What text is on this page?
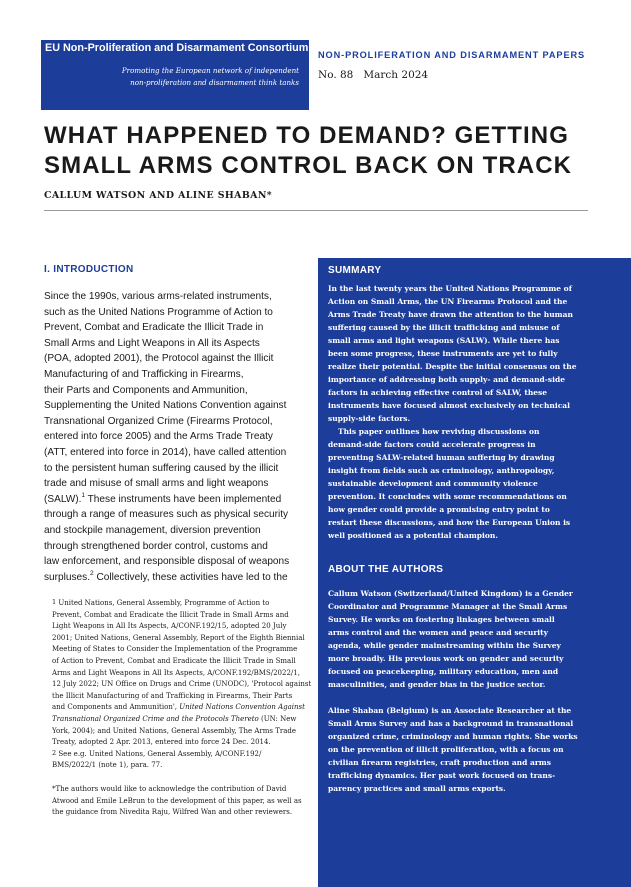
EU Non-Proliferation and Disarmament Consortium
Promoting the European network of independent
non-proliferation and disarmament think tanks
NON-PROLIFERATION AND DISARMAMENT PAPERS
No. 88 March 2024
WHAT HAPPENED TO DEMAND? GETTING
SMALL ARMS CONTROL BACK ON TRACK
CALLUM WATSON AND ALINE SHABAN*
I. INTRODUCTION
Since the 1990s, various arms-related instruments,
such as the United Nations Programme of Action to
Prevent, Combat and Eradicate the Illicit Trade in
Small Arms and Light Weapons in All its Aspects
(POA, adopted 2001), the Protocol against the Illicit
Manufacturing of and Trafficking in Firearms,
their Parts and Components and Ammunition,
Supplementing the United Nations Convention against
Transnational Organized Crime (Firearms Protocol,
entered into force 2005) and the Arms Trade Treaty
(ATT, entered into force in 2014), have called attention
to the persistent human suffering caused by the illicit
trade and misuse of small arms and light weapons
(SALW).$^1$ These instruments have been implemented
through a range of measures such as physical security
and stockpile management, diversion prevention
through strengthened border control, customs and
law enforcement, and responsible disposal of weapons
surpluses.$^2$ Collectively, these activities have led to the
$^1$ United Nations, General Assembly, Programme of Action to
Prevent, Combat and Eradicate the Illicit Trade in Small Arms and
Light Weapons in All Its Aspects, A/CONF.192/15, adopted 20 July
2001; United Nations, General Assembly, Report of the Eighth Biennial
Meeting of States to Consider the Implementation of the Programme
of Action to Prevent, Combat and Eradicate the Illicit Trade in Small
Arms and Light Weapons in All Its Aspects, A/CONF.192/BMS/2022/1,
12 July 2022; UN Office on Drugs and Crime (UNODC), 'Protocol against
the Illicit Manufacturing of and Trafficking in Firearms, Their Parts
and Components and Ammunition', United Nations Convention Against
Transnational Organized Crime and the Protocols Thereto (UN: New
York, 2004); and United Nations, General Assembly, The Arms Trade
Treaty, adopted 2 Apr. 2013, entered into force 24 Dec. 2014.
$^2$ See e.g. United Nations, General Assembly, A/CONF.192/
BMS/2022/1 (note 1), para. 77.
*The authors would like to acknowledge the contribution of David
Atwood and Emile LeBrun to the development of this paper, as well as
the guidance from Nivedita Raju, Wilfred Wan and other reviewers.
SUMMARY
In the last twenty years the United Nations Programme of
Action on Small Arms, the UN Firearms Protocol and the
Arms Trade Treaty have drawn the attention to the human
suffering caused by the illicit trafficking and misuse of
small arms and light weapons (SALW). While there has
been some progress, these instruments are yet to fully
realize their potential. Despite the initial consensus on the
importance of addressing both supply- and demand-side
factors in achieving effective control of SALW, these
instruments have focused almost exclusively on technical
supply-side factors.
This paper outlines how reviving discussions on
demand-side factors could accelerate progress in
preventing SALW-related human suffering by drawing
insight from fields such as criminology, anthropology,
sustainable development and community violence
prevention. It concludes with some recommendations on
how gender could provide a promising entry point to
restart these discussions, and how the European Union is
well positioned as a potential champion.
ABOUT THE AUTHORS
Callum Watson (Switzerland/United Kingdom) is a Gender
Coordinator and Programme Manager at the Small Arms
Survey. He works on fostering linkages between small
arms control and the women and peace and security
agenda, while gender mainstreaming within the Survey
more broadly. His previous work on gender and security
focused on peacekeeping, military education, men and
masculinities, and gender bias in the justice sector.
Aline Shaban (Belgium) is an Associate Researcher at the
Small Arms Survey and has a background in transnational
organized crime, criminology and human rights. She works
on the prevention of illicit proliferation, with a focus on
civilian firearm registries, craft production and arms
trafficking dynamics. Her past work focused on trans-
parency practices and small arms exports.
